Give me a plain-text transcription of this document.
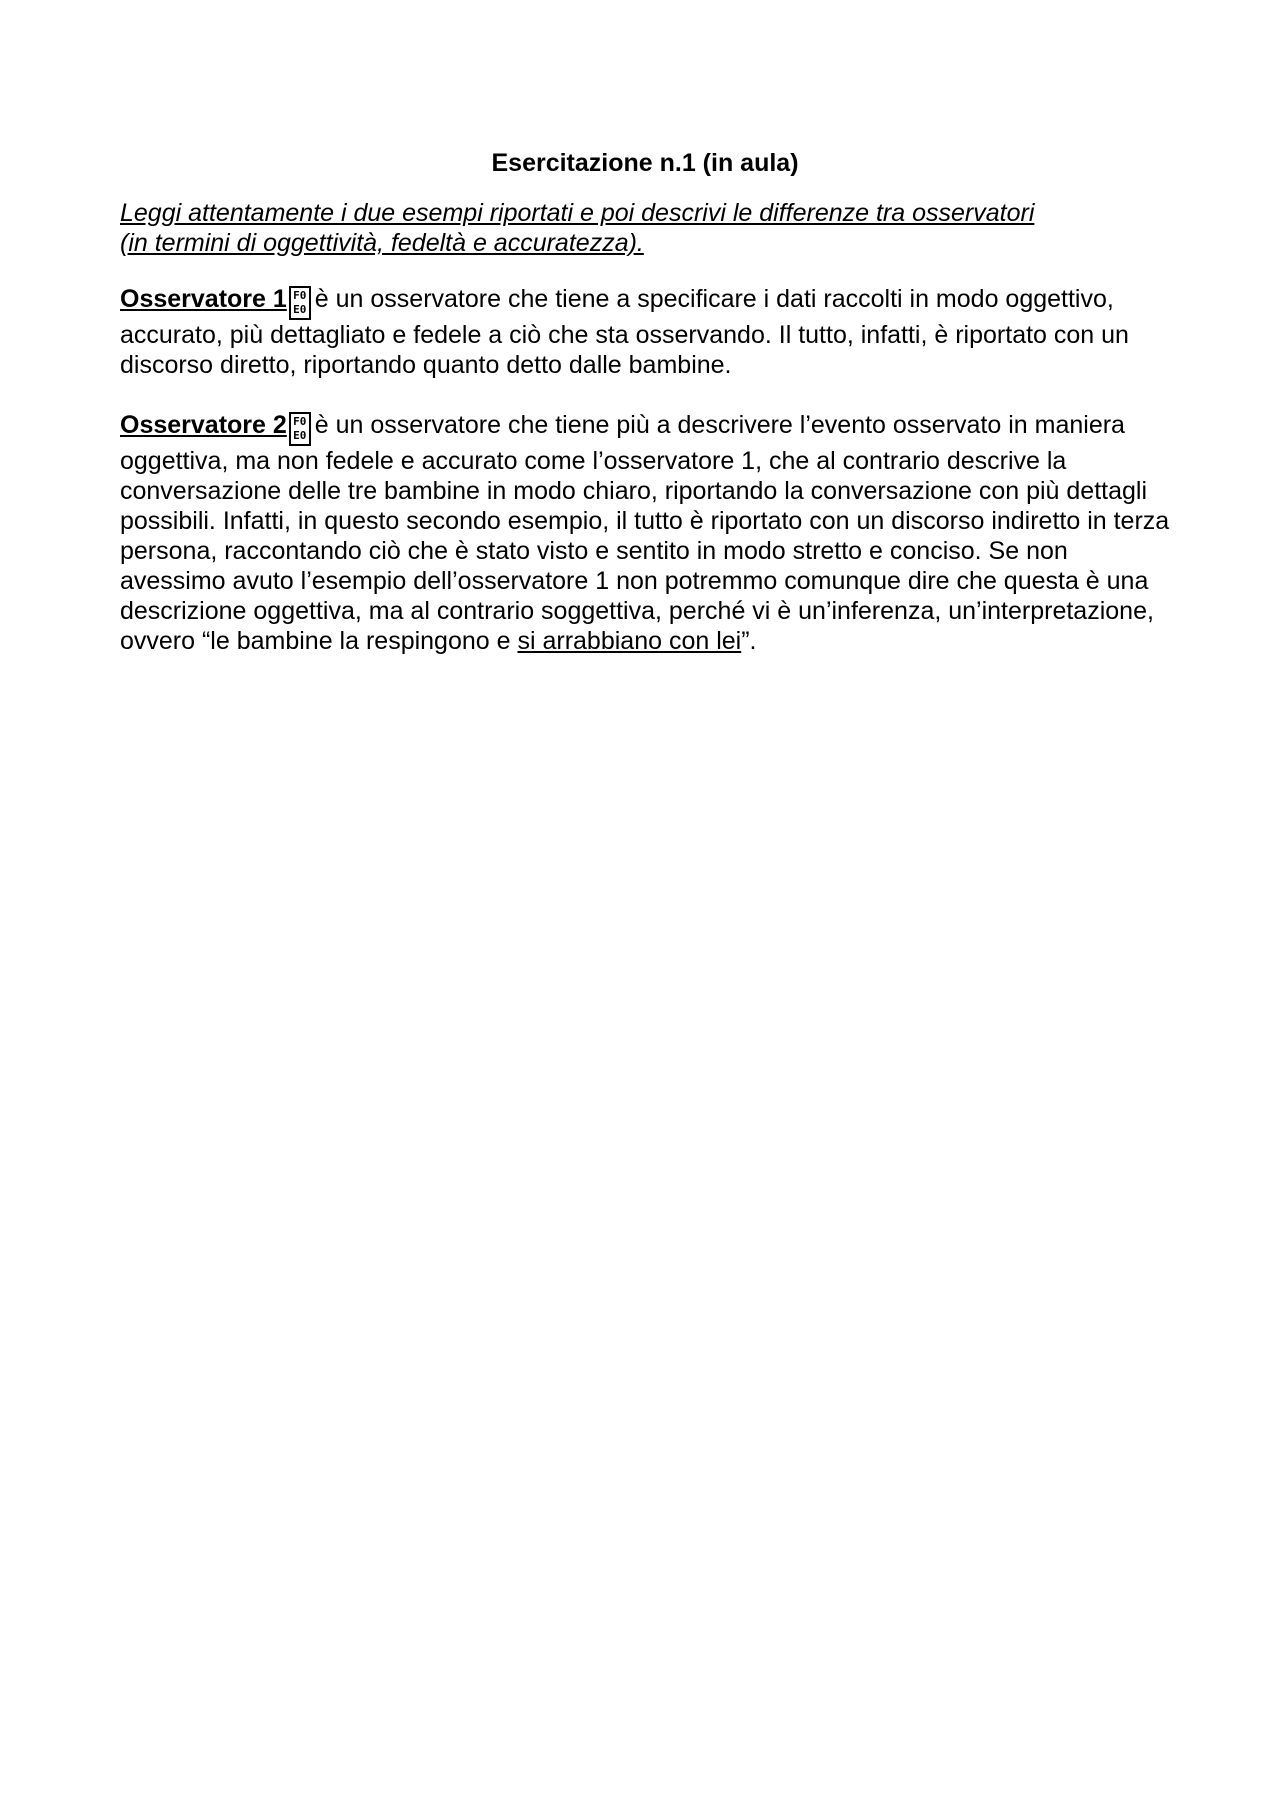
Esercitazione n.1 (in aula)
Leggi attentamente i due esempi riportati e poi descrivi le differenze tra osservatori
(in termini di oggettività, fedeltà e accuratezza).

Osservatore 1 F0
E0 è un osservatore che tiene a specificare i dati raccolti in modo oggettivo, accurato, più dettagliato e fedele a ciò che sta osservando. Il tutto, infatti, è riportato con un discorso diretto, riportando quanto detto dalle bambine.

Osservatore 2 F0
E0 è un osservatore che tiene più a descrivere l’evento osservato in maniera oggettiva, ma non fedele e accurato come l’osservatore 1, che al contrario descrive la conversazione delle tre bambine in modo chiaro, riportando la conversazione con più dettagli possibili. Infatti, in questo secondo esempio, il tutto è riportato con un discorso indiretto in terza persona, raccontando ciò che è stato visto e sentito in modo stretto e conciso. Se non avessimo avuto l’esempio dell’osservatore 1 non potremmo comunque dire che questa è una descrizione oggettiva, ma al contrario soggettiva, perché vi è un’inferenza, un’interpretazione, ovvero “le bambine la respingono e si arrabbiano con lei”.
